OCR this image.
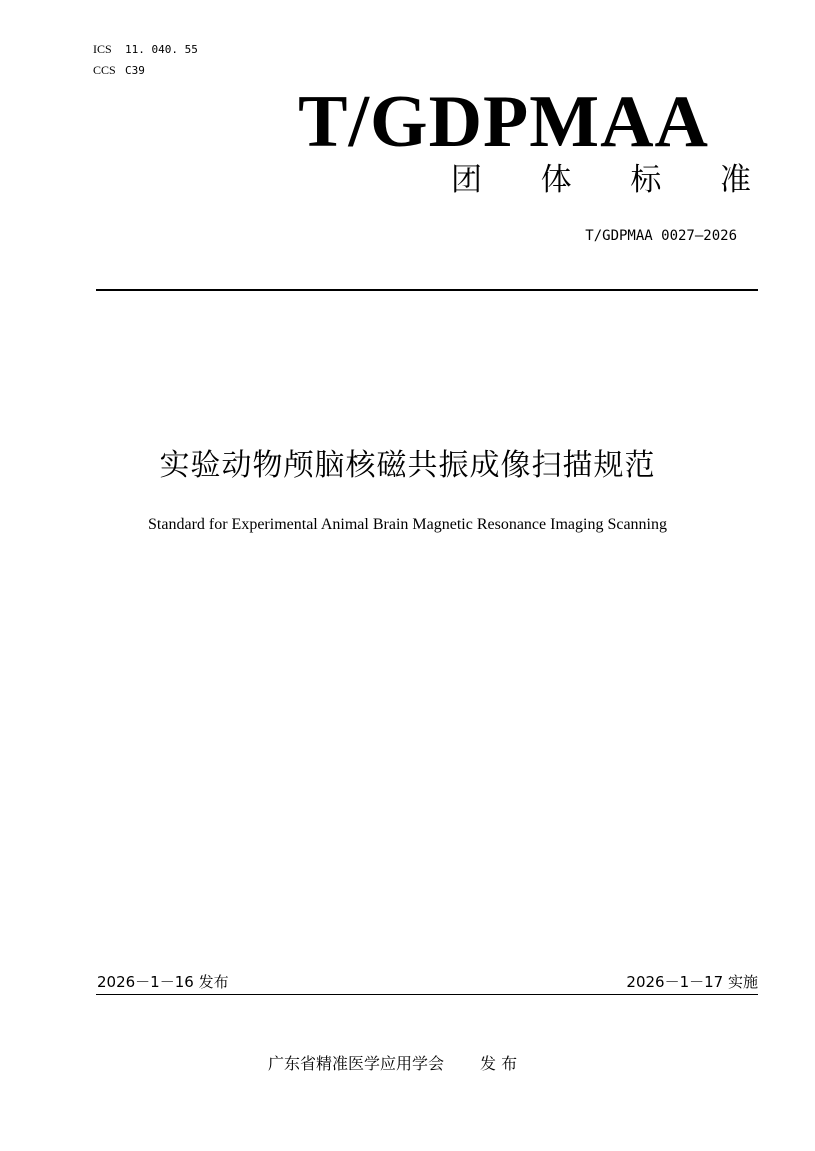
ICS 11. 040. 55
CCS C39
T/GDPMAA
团 体 标 准
T/GDPMAA 0027—2026
实验动物颅脑核磁共振成像扫描规范
Standard for Experimental Animal Brain Magnetic Resonance Imaging Scanning
2026－1－16 发布	2026－1－17 实施
广东省精准医学应用学会 发 布
